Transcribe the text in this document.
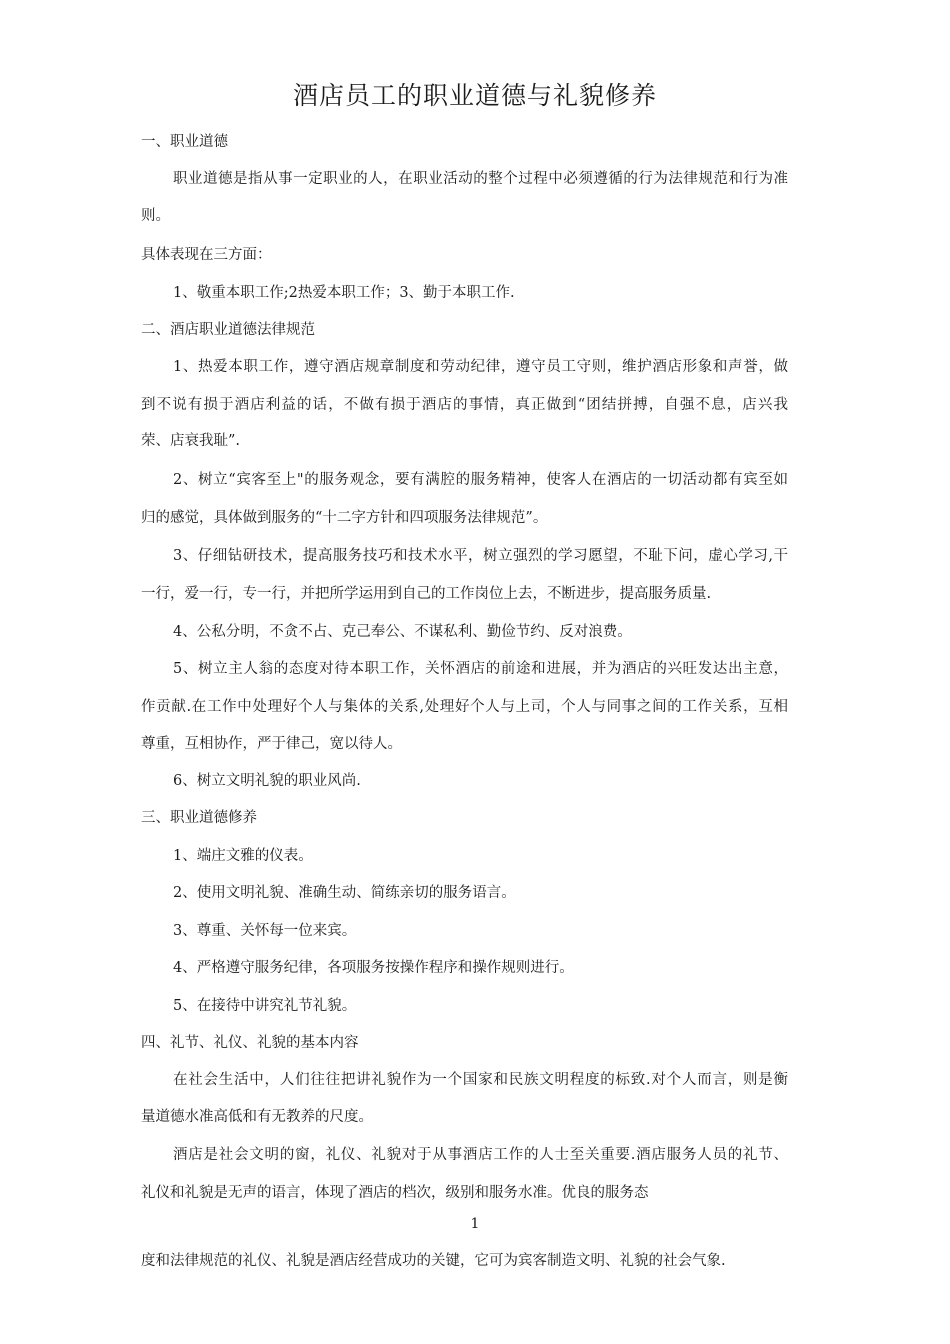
酒店员工的职业道德与礼貌修养
一、职业道德
职业道德是指从事一定职业的人，在职业活动的整个过程中必须遵循的行为法律规范和行为准
则。
具体表现在三方面：
1、敬重本职工作;2热爱本职工作；3、勤于本职工作.
二、酒店职业道德法律规范
1、热爱本职工作，遵守酒店规章制度和劳动纪律，遵守员工守则，维护酒店形象和声誉，做
到不说有损于酒店利益的话，不做有损于酒店的事情，真正做到“团结拼搏，自强不息，店兴我
荣、店衰我耻”.
2、树立“宾客至上"的服务观念，要有满腔的服务精神，使客人在酒店的一切活动都有宾至如
归的感觉，具体做到服务的“十二字方针和四项服务法律规范”。
3、仔细钻研技术，提高服务技巧和技术水平，树立强烈的学习愿望，不耻下问，虚心学习,干
一行，爱一行，专一行，并把所学运用到自己的工作岗位上去，不断进步，提高服务质量.
4、公私分明，不贪不占、克己奉公、不谋私利、勤俭节约、反对浪费。
5、树立主人翁的态度对待本职工作，关怀酒店的前途和进展，并为酒店的兴旺发达出主意，
作贡献.在工作中处理好个人与集体的关系,处理好个人与上司，个人与同事之间的工作关系，互相
尊重，互相协作，严于律己，宽以待人。
6、树立文明礼貌的职业风尚.
三、职业道德修养
1、端庄文雅的仪表。
2、使用文明礼貌、准确生动、简练亲切的服务语言。
3、尊重、关怀每一位来宾。
4、严格遵守服务纪律，各项服务按操作程序和操作规则进行。
5、在接待中讲究礼节礼貌。
四、礼节、礼仪、礼貌的基本内容
在社会生活中，人们往往把讲礼貌作为一个国家和民族文明程度的标致.对个人而言，则是衡
量道德水准高低和有无教养的尺度。
酒店是社会文明的窗，礼仪、礼貌对于从事酒店工作的人士至关重要.酒店服务人员的礼节、
礼仪和礼貌是无声的语言，体现了酒店的档次，级别和服务水准。优良的服务态
1
度和法律规范的礼仪、礼貌是酒店经营成功的关键，它可为宾客制造文明、礼貌的社会气象.
